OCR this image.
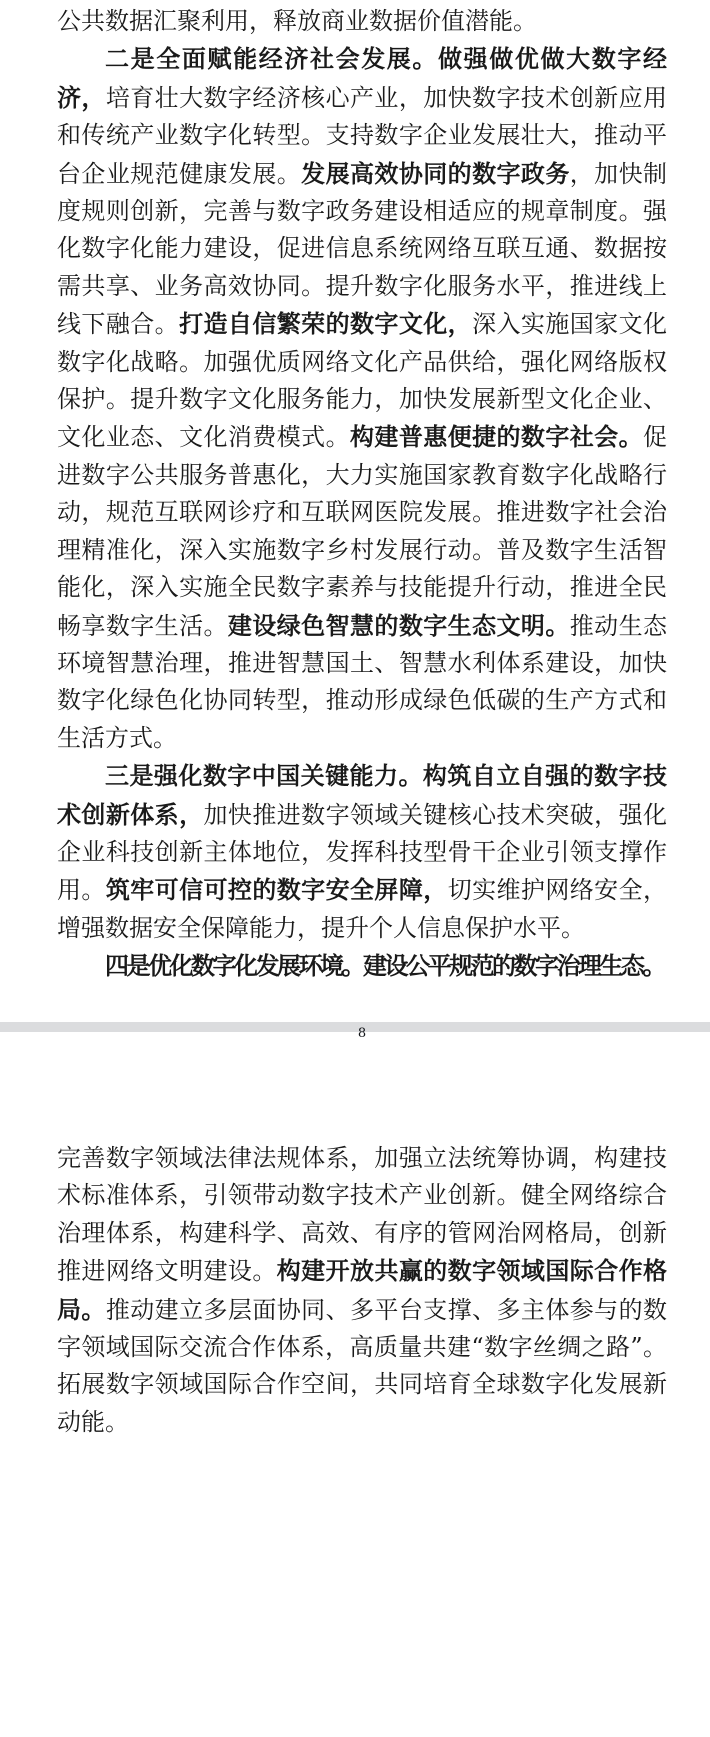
公共数据汇聚利用，释放商业数据价值潜能。

二是全面赋能经济社会发展。做强做优做大数字经济，培育壮大数字经济核心产业，加快数字技术创新应用和传统产业数字化转型。支持数字企业发展壮大，推动平台企业规范健康发展。发展高效协同的数字政务，加快制度规则创新，完善与数字政务建设相适应的规章制度。强化数字化能力建设，促进信息系统网络互联互通、数据按需共享、业务高效协同。提升数字化服务水平，推进线上线下融合。打造自信繁荣的数字文化，深入实施国家文化数字化战略。加强优质网络文化产品供给，强化网络版权保护。提升数字文化服务能力，加快发展新型文化企业、文化业态、文化消费模式。构建普惠便捷的数字社会。促进数字公共服务普惠化，大力实施国家教育数字化战略行动，规范互联网诊疗和互联网医院发展。推进数字社会治理精准化，深入实施数字乡村发展行动。普及数字生活智能化，深入实施全民数字素养与技能提升行动，推进全民畅享数字生活。建设绿色智慧的数字生态文明。推动生态环境智慧治理，推进智慧国土、智慧水利体系建设，加快数字化绿色化协同转型，推动形成绿色低碳的生产方式和生活方式。

三是强化数字中国关键能力。构筑自立自强的数字技术创新体系，加快推进数字领域关键核心技术突破，强化企业科技创新主体地位，发挥科技型骨干企业引领支撑作用。筑牢可信可控的数字安全屏障，切实维护网络安全，增强数据安全保障能力，提升个人信息保护水平。

四是优化数字化发展环境。建设公平规范的数字治理生态。

8

完善数字领域法律法规体系，加强立法统筹协调，构建技术标准体系，引领带动数字技术产业创新。健全网络综合治理体系，构建科学、高效、有序的管网治网格局，创新推进网络文明建设。构建开放共赢的数字领域国际合作格局。推动建立多层面协同、多平台支撑、多主体参与的数字领域国际交流合作体系，高质量共建“数字丝绸之路”。拓展数字领域国际合作空间，共同培育全球数字化发展新动能。
